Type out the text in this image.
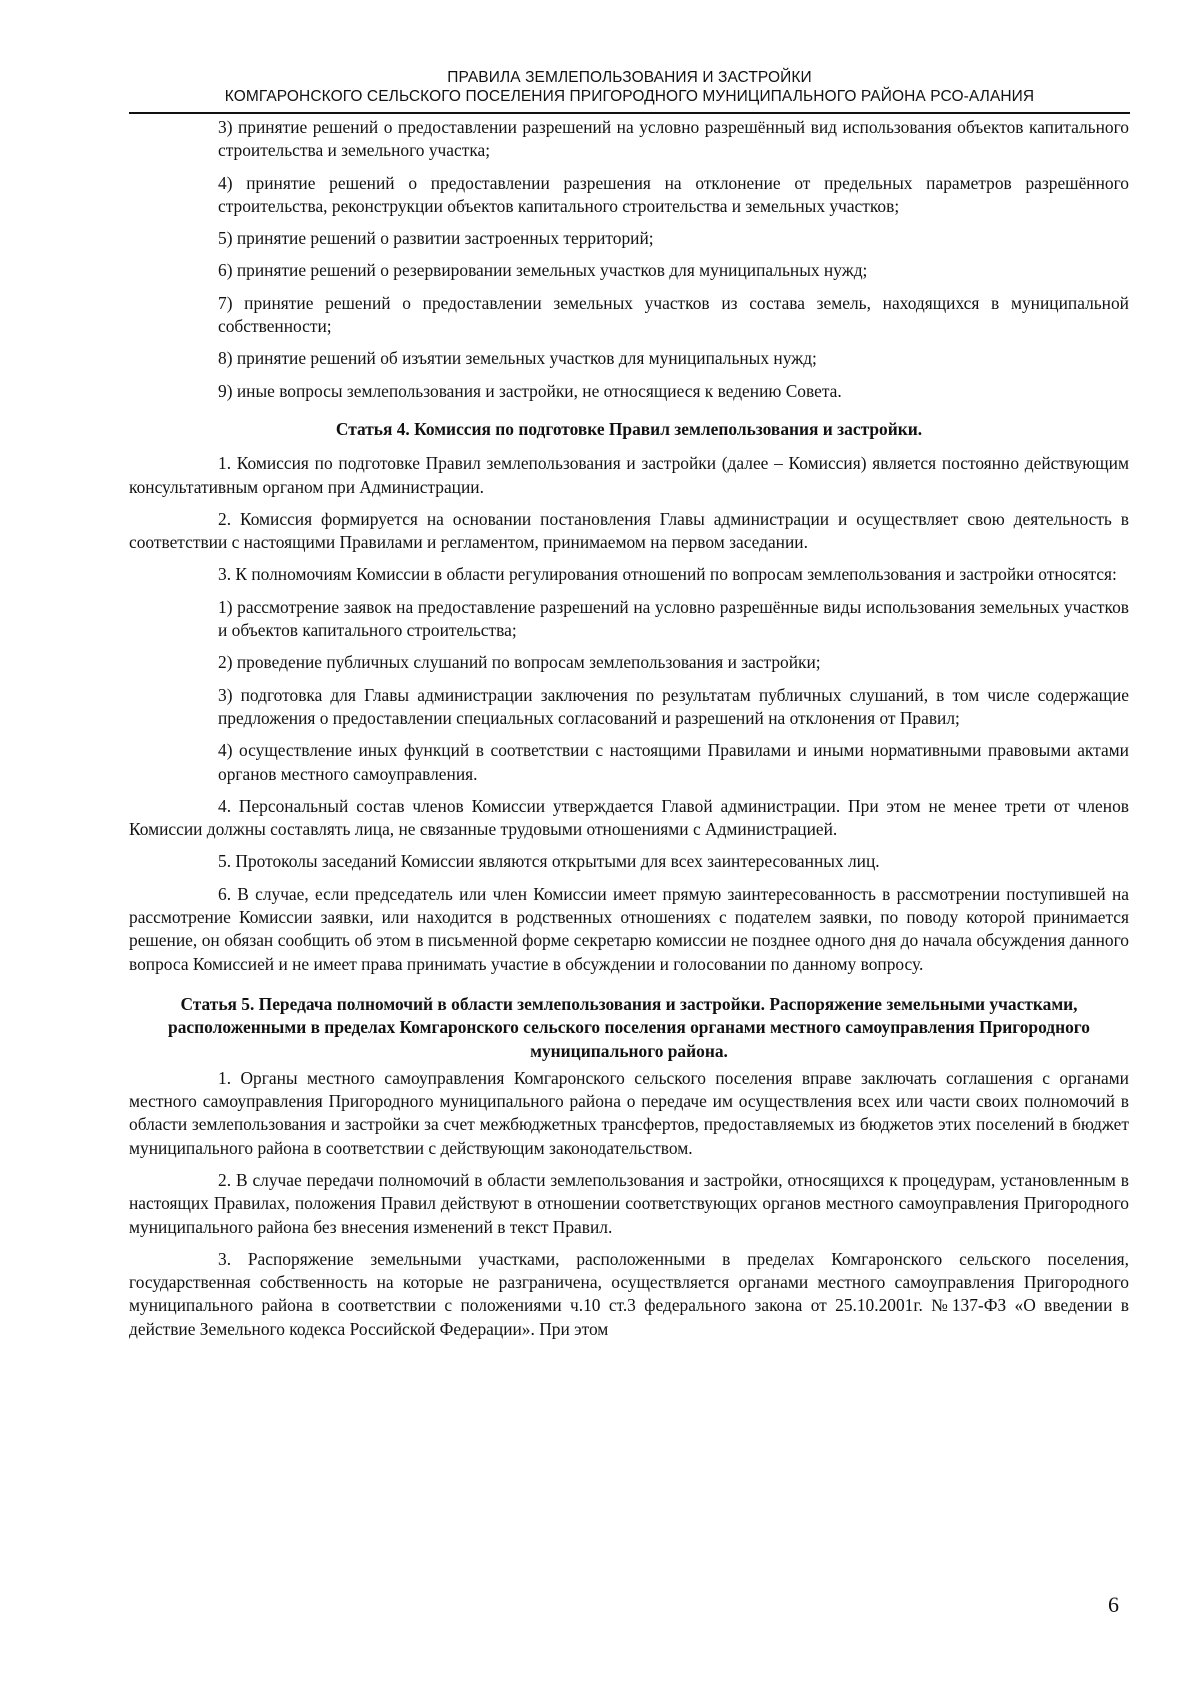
ПРАВИЛА ЗЕМЛЕПОЛЬЗОВАНИЯ И ЗАСТРОЙКИ
КОМГАРОНСКОГО СЕЛЬСКОГО ПОСЕЛЕНИЯ ПРИГОРОДНОГО МУНИЦИПАЛЬНОГО РАЙОНА РСО-АЛАНИЯ

3) принятие решений о предоставлении разрешений на условно разрешённый вид использования объектов капитального строительства и земельного участка;

4) принятие решений о предоставлении разрешения на отклонение от предельных параметров разрешённого строительства, реконструкции объектов капитального строительства и земельных участков;

5) принятие решений о развитии застроенных территорий;

6) принятие решений о резервировании земельных участков для муниципальных нужд;

7) принятие решений о предоставлении земельных участков из состава земель, находящихся в муниципальной собственности;

8) принятие решений об изъятии земельных участков для муниципальных нужд;

9) иные вопросы землепользования и застройки, не относящиеся к ведению Совета.

Статья 4. Комиссия по подготовке Правил землепользования и застройки.

1. Комиссия по подготовке Правил землепользования и застройки (далее – Комиссия) является постоянно действующим консультативным органом при Администрации.

2. Комиссия формируется на основании постановления Главы администрации и осуществляет свою деятельность в соответствии с настоящими Правилами и регламентом, принимаемом на первом заседании.

3. К полномочиям Комиссии в области регулирования отношений по вопросам землепользования и застройки относятся:

1) рассмотрение заявок на предоставление разрешений на условно разрешённые виды использования земельных участков и объектов капитального строительства;

2) проведение публичных слушаний по вопросам землепользования и застройки;

3) подготовка для Главы администрации заключения по результатам публичных слушаний, в том числе содержащие предложения о предоставлении специальных согласований и разрешений на отклонения от Правил;

4) осуществление иных функций в соответствии с настоящими Правилами и иными нормативными правовыми актами органов местного самоуправления.

4. Персональный состав членов Комиссии утверждается Главой администрации. При этом не менее трети от членов Комиссии должны составлять лица, не связанные трудовыми отношениями с Администрацией.

5. Протоколы заседаний Комиссии являются открытыми для всех заинтересованных лиц.

6. В случае, если председатель или член Комиссии имеет прямую заинтересованность в рассмотрении поступившей на рассмотрение Комиссии заявки, или находится в родственных отношениях с подателем заявки, по поводу которой принимается решение, он обязан сообщить об этом в письменной форме секретарю комиссии не позднее одного дня до начала обсуждения данного вопроса Комиссией и не имеет права принимать участие в обсуждении и голосовании по данному вопросу.

Статья 5. Передача полномочий в области землепользования и застройки. Распоряжение земельными участками, расположенными в пределах Комгаронского сельского поселения органами местного самоуправления Пригородного муниципального района.

1. Органы местного самоуправления Комгаронского сельского поселения вправе заключать соглашения с органами местного самоуправления Пригородного муниципального района о передаче им осуществления всех или части своих полномочий в области землепользования и застройки за счет межбюджетных трансфертов, предоставляемых из бюджетов этих поселений в бюджет муниципального района в соответствии с действующим законодательством.

2. В случае передачи полномочий в области землепользования и застройки, относящихся к процедурам, установленным в настоящих Правилах, положения Правил действуют в отношении соответствующих органов местного самоуправления Пригородного муниципального района без внесения изменений в текст Правил.

3. Распоряжение земельными участками, расположенными в пределах Комгаронского сельского поселения, государственная собственность на которые не разграничена, осуществляется органами местного самоуправления Пригородного муниципального района в соответствии с положениями ч.10 ст.3 федерального закона от 25.10.2001г. №137-ФЗ «О введении в действие Земельного кодекса Российской Федерации». При этом

6
